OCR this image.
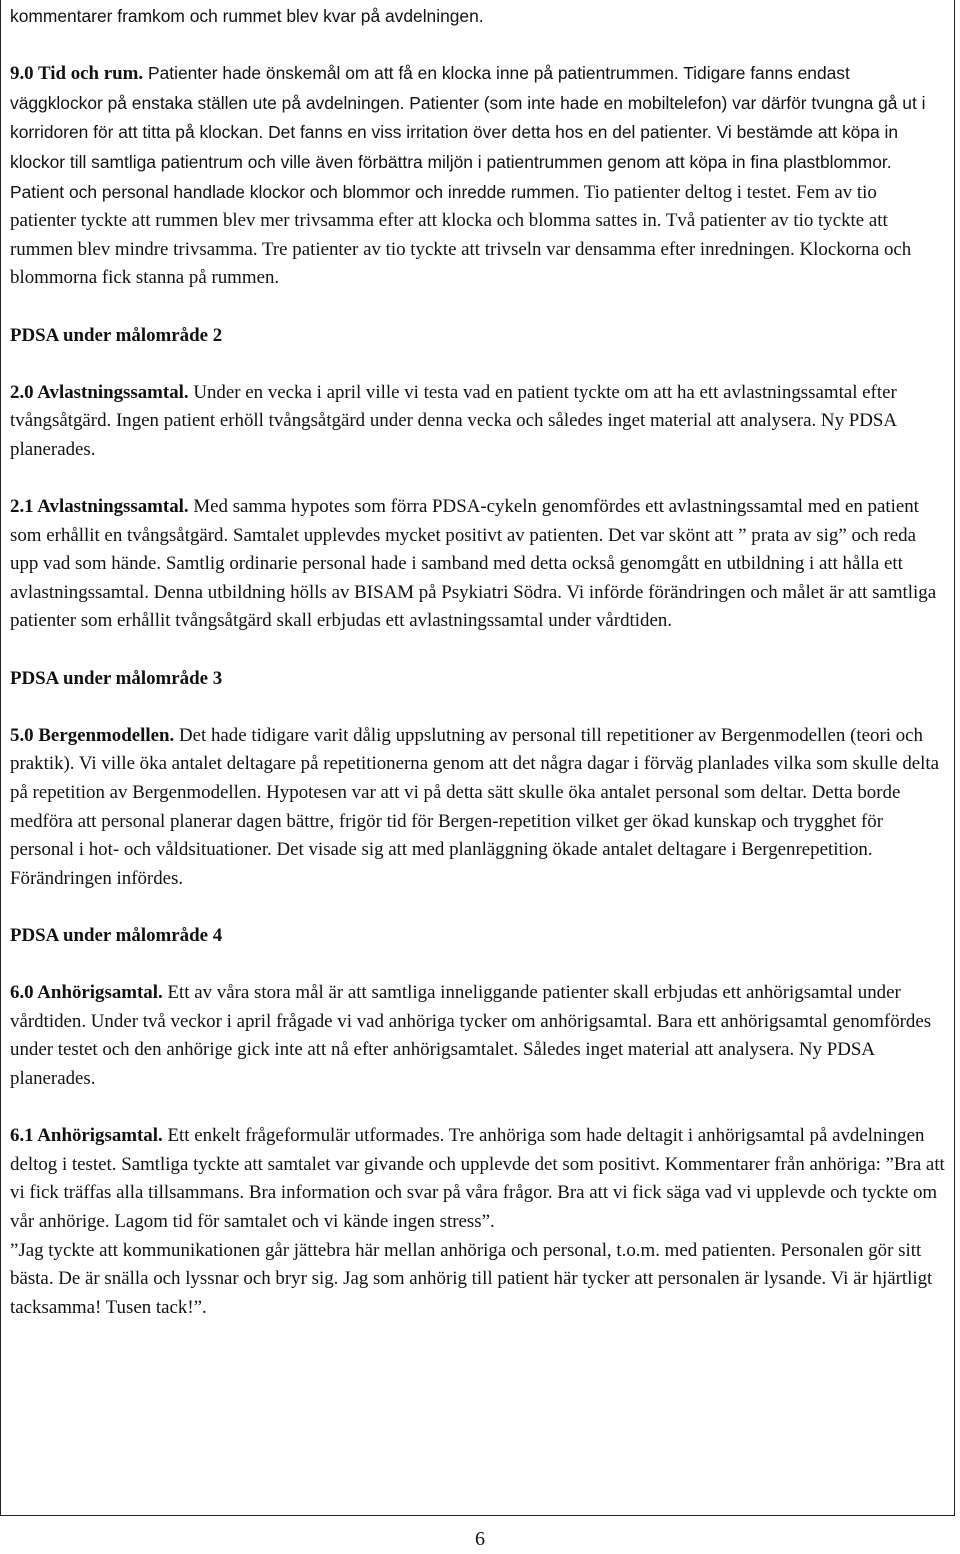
kommentarer framkom och rummet blev kvar på avdelningen.

9.0 Tid och rum. Patienter hade önskemål om att få en klocka inne på patientrummen. Tidigare fanns endast väggklockor på enstaka ställen ute på avdelningen. Patienter (som inte hade en mobiltelefon) var därför tvungna gå ut i korridoren för att titta på klockan. Det fanns en viss irritation över detta hos en del patienter. Vi bestämde att köpa in klockor till samtliga patientrum och ville även förbättra miljön i patientrummen genom att köpa in fina plastblommor. Patient och personal handlade klockor och blommor och inredde rummen. Tio patienter deltog i testet. Fem av tio patienter tyckte att rummen blev mer trivsamma efter att klocka och blomma sattes in. Två patienter av tio tyckte att rummen blev mindre trivsamma. Tre patienter av tio tyckte att trivseln var densamma efter inredningen. Klockorna och blommorna fick stanna på rummen.

PDSA under målområde 2

2.0 Avlastningssamtal. Under en vecka i april ville vi testa vad en patient tyckte om att ha ett avlastningssamtal efter tvångsåtgärd. Ingen patient erhöll tvångsåtgärd under denna vecka och således inget material att analysera. Ny PDSA planerades.

2.1 Avlastningssamtal. Med samma hypotes som förra PDSA-cykeln genomfördes ett avlastningssamtal med en patient som erhållit en tvångsåtgärd. Samtalet upplevdes mycket positivt av patienten. Det var skönt att ” prata av sig” och reda upp vad som hände. Samtlig ordinarie personal hade i samband med detta också genomgått en utbildning i att hålla ett avlastningssamtal. Denna utbildning hölls av BISAM på Psykiatri Södra. Vi införde förändringen och målet är att samtliga patienter som erhållit tvångsåtgärd skall erbjudas ett avlastningssamtal under vårdtiden.

PDSA under målområde 3

5.0 Bergenmodellen. Det hade tidigare varit dålig uppslutning av personal till repetitioner av Bergenmodellen (teori och praktik). Vi ville öka antalet deltagare på repetitionerna genom att det några dagar i förväg planlades vilka som skulle delta på repetition av Bergenmodellen. Hypotesen var att vi på detta sätt skulle öka antalet personal som deltar. Detta borde medföra att personal planerar dagen bättre, frigör tid för Bergen-repetition vilket ger ökad kunskap och trygghet för personal i hot- och våldsituationer. Det visade sig att med planläggning ökade antalet deltagare i Bergenrepetition. Förändringen infördes.

PDSA under målområde 4

6.0 Anhörigsamtal. Ett av våra stora mål är att samtliga inneliggande patienter skall erbjudas ett anhörigsamtal under vårdtiden. Under två veckor i april frågade vi vad anhöriga tycker om anhörigsamtal. Bara ett anhörigsamtal genomfördes under testet och den anhörige gick inte att nå efter anhörigsamtalet. Således inget material att analysera. Ny PDSA planerades.

6.1 Anhörigsamtal. Ett enkelt frågeformulär utformades. Tre anhöriga som hade deltagit i anhörigsamtal på avdelningen deltog i testet. Samtliga tyckte att samtalet var givande och upplevde det som positivt. Kommentarer från anhöriga: ”Bra att vi fick träffas alla tillsammans. Bra information och svar på våra frågor. Bra att vi fick säga vad vi upplevde och tyckte om vår anhörige. Lagom tid för samtalet och vi kände ingen stress”.

”Jag tyckte att kommunikationen går jättebra här mellan anhöriga och personal, t.o.m. med patienten. Personalen gör sitt bästa. De är snälla och lyssnar och bryr sig. Jag som anhörig till patient här tycker att personalen är lysande. Vi är hjärtligt tacksamma! Tusen tack!”.

6
